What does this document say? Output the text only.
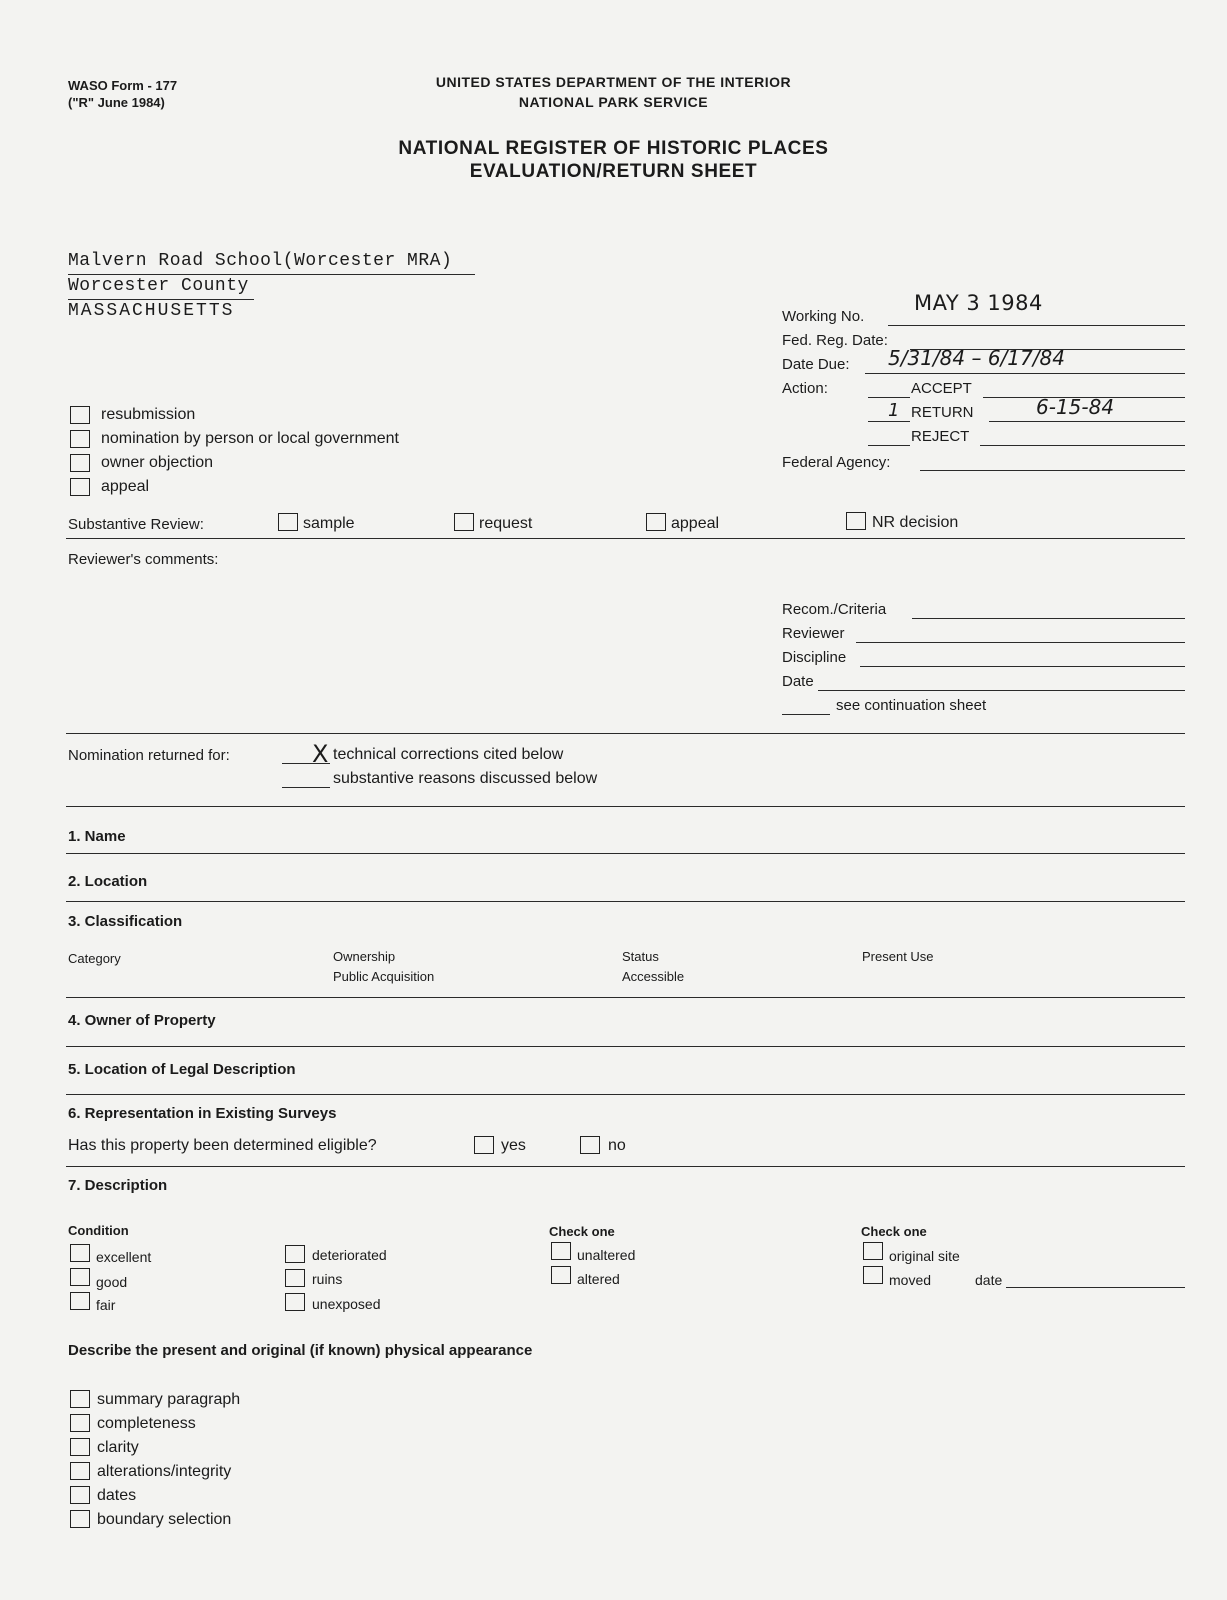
WASO Form - 177
("R" June 1984)
UNITED STATES DEPARTMENT OF THE INTERIOR
NATIONAL PARK SERVICE
NATIONAL REGISTER OF HISTORIC PLACES
EVALUATION/RETURN SHEET
Malvern Road School(Worcester MRA)
Worcester County
MASSACHUSETTS	Working No.
MAY 3 1984
Fed. Reg. Date:
Date Due: 5/31/84 – 6/17/84
Action:	ACCEPT
1 RETURN	6-15-84
REJECT
Federal Agency:
resubmission
nomination by person or local government
owner objection
appeal
Substantive Review:	sample	request	appeal	NR decision
Reviewer's comments:
Recom./Criteria
Reviewer
Discipline
Date
see continuation sheet
Nomination returned for:	X technical corrections cited below
substantive reasons discussed below
1. Name
2. Location
3. Classification
Category	Ownership
Public Acquisition
Status
Accessible
Present Use
4. Owner of Property
5. Location of Legal Description
6. Representation in Existing Surveys
Has this property been determined eligible?	yes	no
7. Description
Condition
excellent
good
fair
deteriorated
ruins
unexposed
Check one
unaltered
altered
Check one
original site
moved	date
Describe the present and original (if known) physical appearance
summary paragraph
completeness
clarity
alterations/integrity
dates
boundary selection
